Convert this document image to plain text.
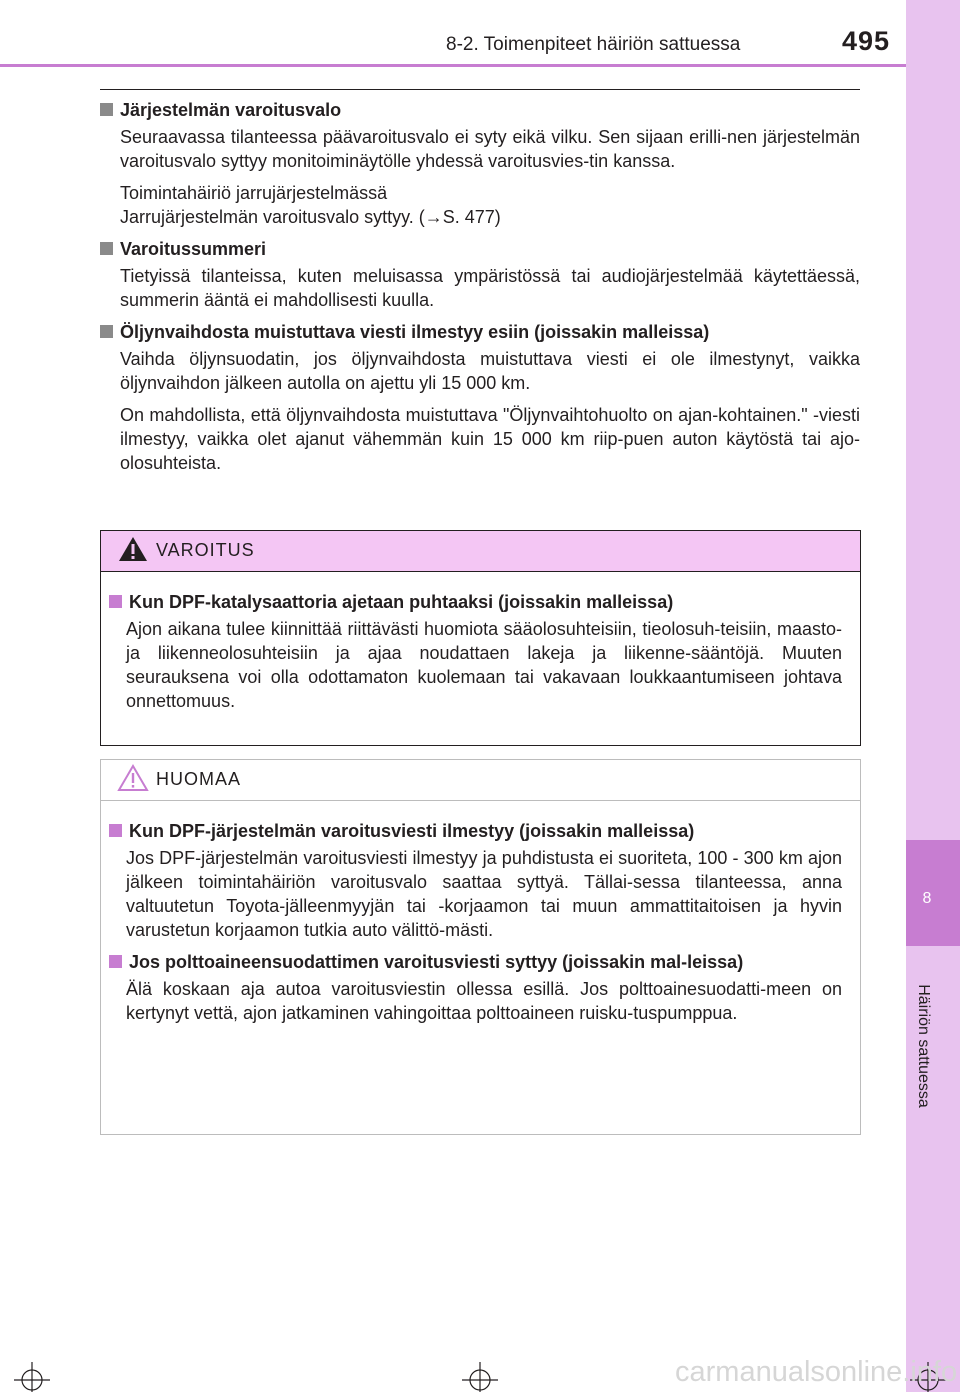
8
Häiriön sattuessa
8-2. Toimenpiteet häiriön sattuessa	495
Järjestelmän varoitusvalo
Seuraavassa tilanteessa päävaroitusvalo ei syty eikä vilku. Sen sijaan erilli-nen järjestelmän varoitusvalo syttyy monitoiminäytölle yhdessä varoitusvies-tin kanssa.
Toimintahäiriö jarrujärjestelmässä
Jarrujärjestelmän varoitusvalo syttyy. (→S. 477)
Varoitussummeri
Tietyissä tilanteissa, kuten meluisassa ympäristössä tai audiojärjestelmää käytettäessä, summerin ääntä ei mahdollisesti kuulla.
Öljynvaihdosta muistuttava viesti ilmestyy esiin (joissakin malleissa)
Vaihda öljynsuodatin, jos öljynvaihdosta muistuttava viesti ei ole ilmestynyt, vaikka öljynvaihdon jälkeen autolla on ajettu yli 15 000 km.
On mahdollista, että öljynvaihdosta muistuttava "Öljynvaihtohuolto on ajan-kohtainen." -viesti ilmestyy, vaikka olet ajanut vähemmän kuin 15 000 km riip-puen auton käytöstä tai ajo-olosuhteista.
VAROITUS
Kun DPF-katalysaattoria ajetaan puhtaaksi (joissakin malleissa)
Ajon aikana tulee kiinnittää riittävästi huomiota sääolosuhteisiin, tieolosuh-teisiin, maasto- ja liikenneolosuhteisiin ja ajaa noudattaen lakeja ja liikenne-sääntöjä. Muuten seurauksena voi olla odottamaton kuolemaan tai vakavaan loukkaantumiseen johtava onnettomuus.
HUOMAA
Kun DPF-järjestelmän varoitusviesti ilmestyy (joissakin malleissa)
Jos DPF-järjestelmän varoitusviesti ilmestyy ja puhdistusta ei suoriteta, 100 - 300 km ajon jälkeen toimintahäiriön varoitusvalo saattaa syttyä. Tällai-sessa tilanteessa, anna valtuutetun Toyota-jälleenmyyjän tai -korjaamon tai muun ammattitaitoisen ja hyvin varustetun korjaamon tutkia auto välittö-mästi.
Jos polttoaineensuodattimen varoitusviesti syttyy (joissakin mal-leissa)
Älä koskaan aja autoa varoitusviestin ollessa esillä. Jos polttoainesuodatti-meen on kertynyt vettä, ajon jatkaminen vahingoittaa polttoaineen ruisku-tuspumppua.
carmanualsonline.info
